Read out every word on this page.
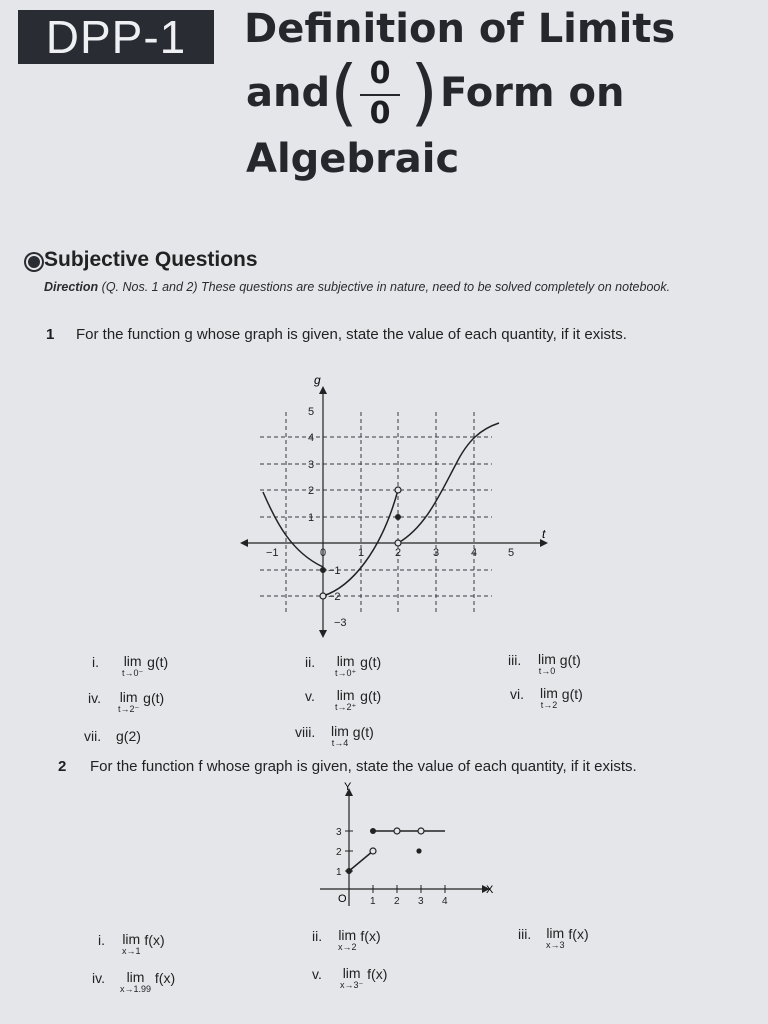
DPP-1	Definition of Limits
and ( 0
0 ) Form on
Algebraic
Subjective Questions
Direction (Q. Nos. 1 and 2) These questions are subjective in nature, need to be solved completely on notebook.
1 For the function g whose graph is given, state the value of each quantity, if it exists.
g
t
−1	0	1	2	3	4	5
5
4
3
2
1
−1
−2
−3
i. lim
t→0⁻
g(t)	ii. lim
t→0⁺
g(t)	iii. lim
t→0
g(t)
iv. lim
t→2⁻
g(t)	v. lim
t→2⁺
g(t)	vi. lim
t→2
g(t)
vii. g(2)	viii. lim
t→4
g(t)
2 For the function f whose graph is given, state the value of each quantity, if it exists.
Y
X
O 1 2 3 4
3
2
1
i. lim
x→1
f(x)	ii. lim
x→2
f(x)	iii. lim
x→3
f(x)
iv. lim
x→1.99
f(x)	v. lim
x→3⁻
f(x)
